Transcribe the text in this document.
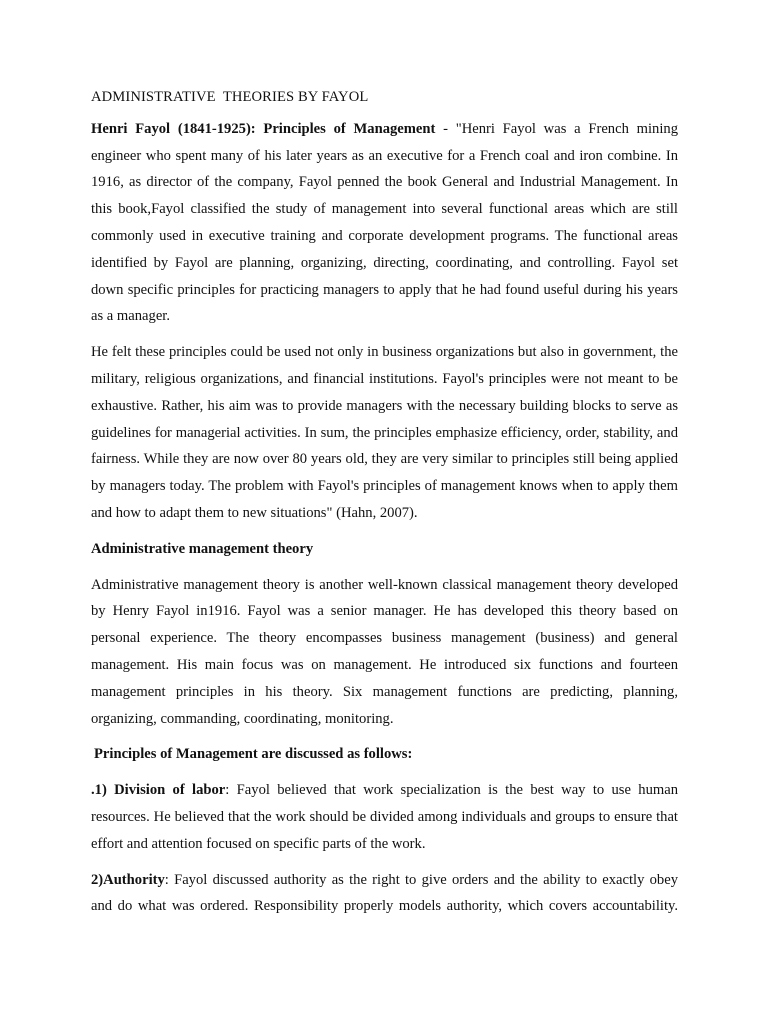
ADMINISTRATIVE  THEORIES BY FAYOL

Henri Fayol (1841-1925): Principles of Management - "Henri Fayol was a French mining engineer who spent many of his later years as an executive for a French coal and iron combine. In 1916, as director of the company, Fayol penned the book General and Industrial Management. In this book,Fayol classified the study of management into several functional areas which are still commonly used in executive training and corporate development programs. The functional areas identified by Fayol are planning, organizing, directing, coordinating, and controlling. Fayol set down specific principles for practicing managers to apply that he had found useful during his years as a manager.

He felt these principles could be used not only in business organizations but also in government, the military, religious organizations, and financial institutions. Fayol's principles were not meant to be exhaustive. Rather, his aim was to provide managers with the necessary building blocks to serve as guidelines for managerial activities. In sum, the principles emphasize efficiency, order, stability, and fairness. While they are now over 80 years old, they are very similar to principles still being applied by managers today. The problem with Fayol's principles of management knows when to apply them and how to adapt them to new situations" (Hahn, 2007).

Administrative management theory

Administrative management theory is another well-known classical management theory developed by Henry Fayol in1916. Fayol was a senior manager. He has developed this theory based on personal experience. The theory encompasses business management (business) and general management. His main focus was on management. He introduced six functions and fourteen management principles in his theory. Six management functions are predicting, planning, organizing, commanding, coordinating, monitoring.

Principles of Management are discussed as follows:

.1) Division of labor: Fayol believed that work specialization is the best way to use human resources. He believed that the work should be divided among individuals and groups to ensure that effort and attention focused on specific parts of the work.

2)Authority: Fayol discussed authority as the right to give orders and the ability to exactly obey and do what was ordered. Responsibility properly models authority, which covers accountability.
